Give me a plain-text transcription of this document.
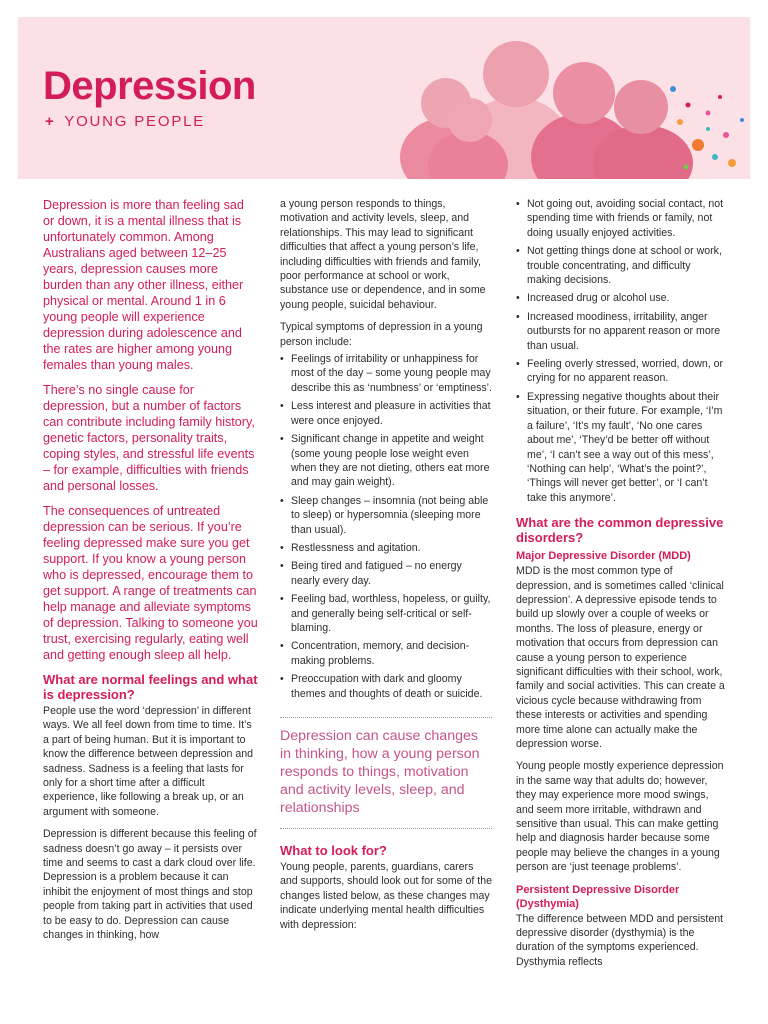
Depression
+ YOUNG PEOPLE

Depression is more than feeling sad or down, it is a mental illness that is unfortunately common. Among Australians aged between 12–25 years, depression causes more burden than any other illness, either physical or mental. Around 1 in 6 young people will experience depression during adolescence and the rates are higher among young females than young males.

There’s no single cause for depression, but a number of factors can contribute including family history, genetic factors, personality traits, coping styles, and stressful life events – for example, difficulties with friends and personal losses.

The consequences of untreated depression can be serious. If you’re feeling depressed make sure you get support. If you know a young person who is depressed, encourage them to get support. A range of treatments can help manage and alleviate symptoms of depression. Talking to someone you trust, exercising regularly, eating well and getting enough sleep all help.

What are normal feelings and what is depression?

People use the word ‘depression’ in different ways. We all feel down from time to time. It’s a part of being human. But it is important to know the difference between depression and sadness. Sadness is a feeling that lasts for only for a short time after a difficult experience, like following a break up, or an argument with someone.

Depression is different because this feeling of sadness doesn’t go away – it persists over time and seems to cast a dark cloud over life. Depression is a problem because it can inhibit the enjoyment of most things and stop people from taking part in activities that used to be easy to do. Depression can cause changes in thinking, how

a young person responds to things, motivation and activity levels, sleep, and relationships. This may lead to significant difficulties that affect a young person’s life, including difficulties with friends and family, poor performance at school or work, substance use or dependence, and in some young people, suicidal behaviour.

Typical symptoms of depression in a young person include:

• Feelings of irritability or unhappiness for most of the day – some young people may describe this as ‘numbness’ or ‘emptiness’.
• Less interest and pleasure in activities that were once enjoyed.
• Significant change in appetite and weight (some young people lose weight even when they are not dieting, others eat more and may gain weight).
• Sleep changes – insomnia (not being able to sleep) or hypersomnia (sleeping more than usual).
• Restlessness and agitation.
• Being tired and fatigued – no energy nearly every day.
• Feeling bad, worthless, hopeless, or guilty, and generally being self-critical or self-blaming.
• Concentration, memory, and decision-making problems.
• Preoccupation with dark and gloomy themes and thoughts of death or suicide.
Depression can cause changes in thinking, how a young person responds to things, motivation and activity levels, sleep, and relationships
What to look for?

Young people, parents, guardians, carers and supports, should look out for some of the changes listed below, as these changes may indicate underlying mental health difficulties with depression:

• Not going out, avoiding social contact, not spending time with friends or family, not doing usually enjoyed activities.
• Not getting things done at school or work, trouble concentrating, and difficulty making decisions.
• Increased drug or alcohol use.
• Increased moodiness, irritability, anger outbursts for no apparent reason or more than usual.
• Feeling overly stressed, worried, down, or crying for no apparent reason.
• Expressing negative thoughts about their situation, or their future. For example, ‘I’m a failure’, ‘It’s my fault’, ‘No one cares about me’, ‘They’d be better off without me’, ‘I can’t see a way out of this mess’, ‘Nothing can help’, ‘What’s the point?’, ‘Things will never get better’, or ‘I can’t take this anymore’.
What are the common depressive disorders?
Major Depressive Disorder (MDD)

MDD is the most common type of depression, and is sometimes called ‘clinical depression’. A depressive episode tends to build up slowly over a couple of weeks or months. The loss of pleasure, energy or motivation that occurs from depression can cause a young person to experience significant difficulties with their school, work, family and social activities. This can create a vicious cycle because withdrawing from these interests or activities and spending more time alone can actually make the depression worse.

Young people mostly experience depression in the same way that adults do; however, they may experience more mood swings, and seem more irritable, withdrawn and sensitive than usual. This can make getting help and diagnosis harder because some people may believe the changes in a young person are ‘just teenage problems’.

Persistent Depressive Disorder (Dysthymia)

The difference between MDD and persistent depressive disorder (dysthymia) is the duration of the symptoms experienced. Dysthymia reflects
